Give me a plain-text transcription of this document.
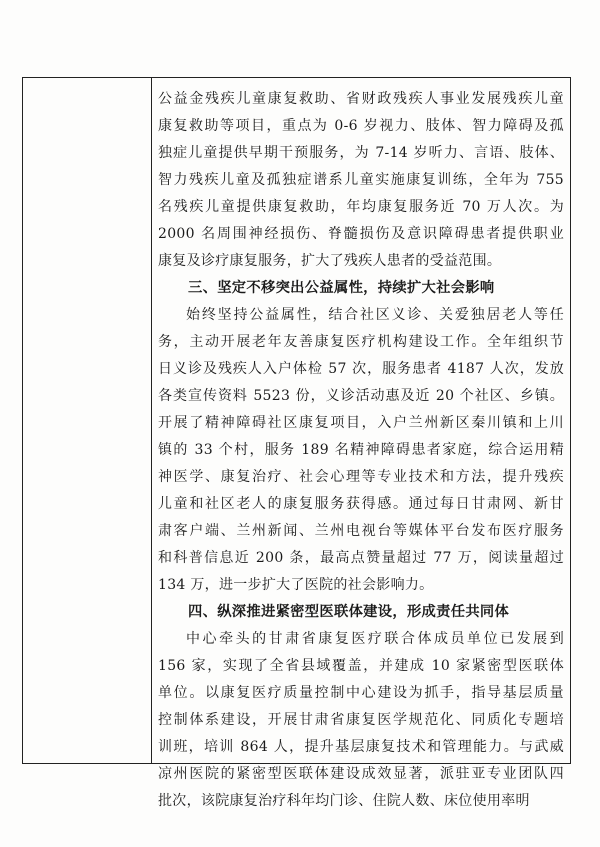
公益金残疾儿童康复救助、省财政残疾人事业发展残疾儿童
康复救助等项目，重点为 0-6 岁视力、肢体、智力障碍及孤
独症儿童提供早期干预服务，为 7-14 岁听力、言语、肢体、
智力残疾儿童及孤独症谱系儿童实施康复训练，全年为 755
名残疾儿童提供康复救助，年均康复服务近 70 万人次。为
2000 名周围神经损伤、脊髓损伤及意识障碍患者提供职业
康复及诊疗康复服务，扩大了残疾人患者的受益范围。
三、坚定不移突出公益属性，持续扩大社会影响
始终坚持公益属性，结合社区义诊、关爱独居老人等任
务，主动开展老年友善康复医疗机构建设工作。全年组织节
日义诊及残疾人入户体检 57 次，服务患者 4187 人次，发放
各类宣传资料 5523 份，义诊活动惠及近 20 个社区、乡镇。
开展了精神障碍社区康复项目，入户兰州新区秦川镇和上川
镇的 33 个村，服务 189 名精神障碍患者家庭，综合运用精
神医学、康复治疗、社会心理等专业技术和方法，提升残疾
儿童和社区老人的康复服务获得感。通过每日甘肃网、新甘
肃客户端、兰州新闻、兰州电视台等媒体平台发布医疗服务
和科普信息近 200 条，最高点赞量超过 77 万，阅读量超过
134 万，进一步扩大了医院的社会影响力。
四、纵深推进紧密型医联体建设，形成责任共同体
中心牵头的甘肃省康复医疗联合体成员单位已发展到
156 家，实现了全省县域覆盖，并建成 10 家紧密型医联体
单位。以康复医疗质量控制中心建设为抓手，指导基层质量
控制体系建设，开展甘肃省康复医学规范化、同质化专题培
训班，培训 864 人，提升基层康复技术和管理能力。与武威
凉州医院的紧密型医联体建设成效显著，派驻亚专业团队四
批次，该院康复治疗科年均门诊、住院人数、床位使用率明
